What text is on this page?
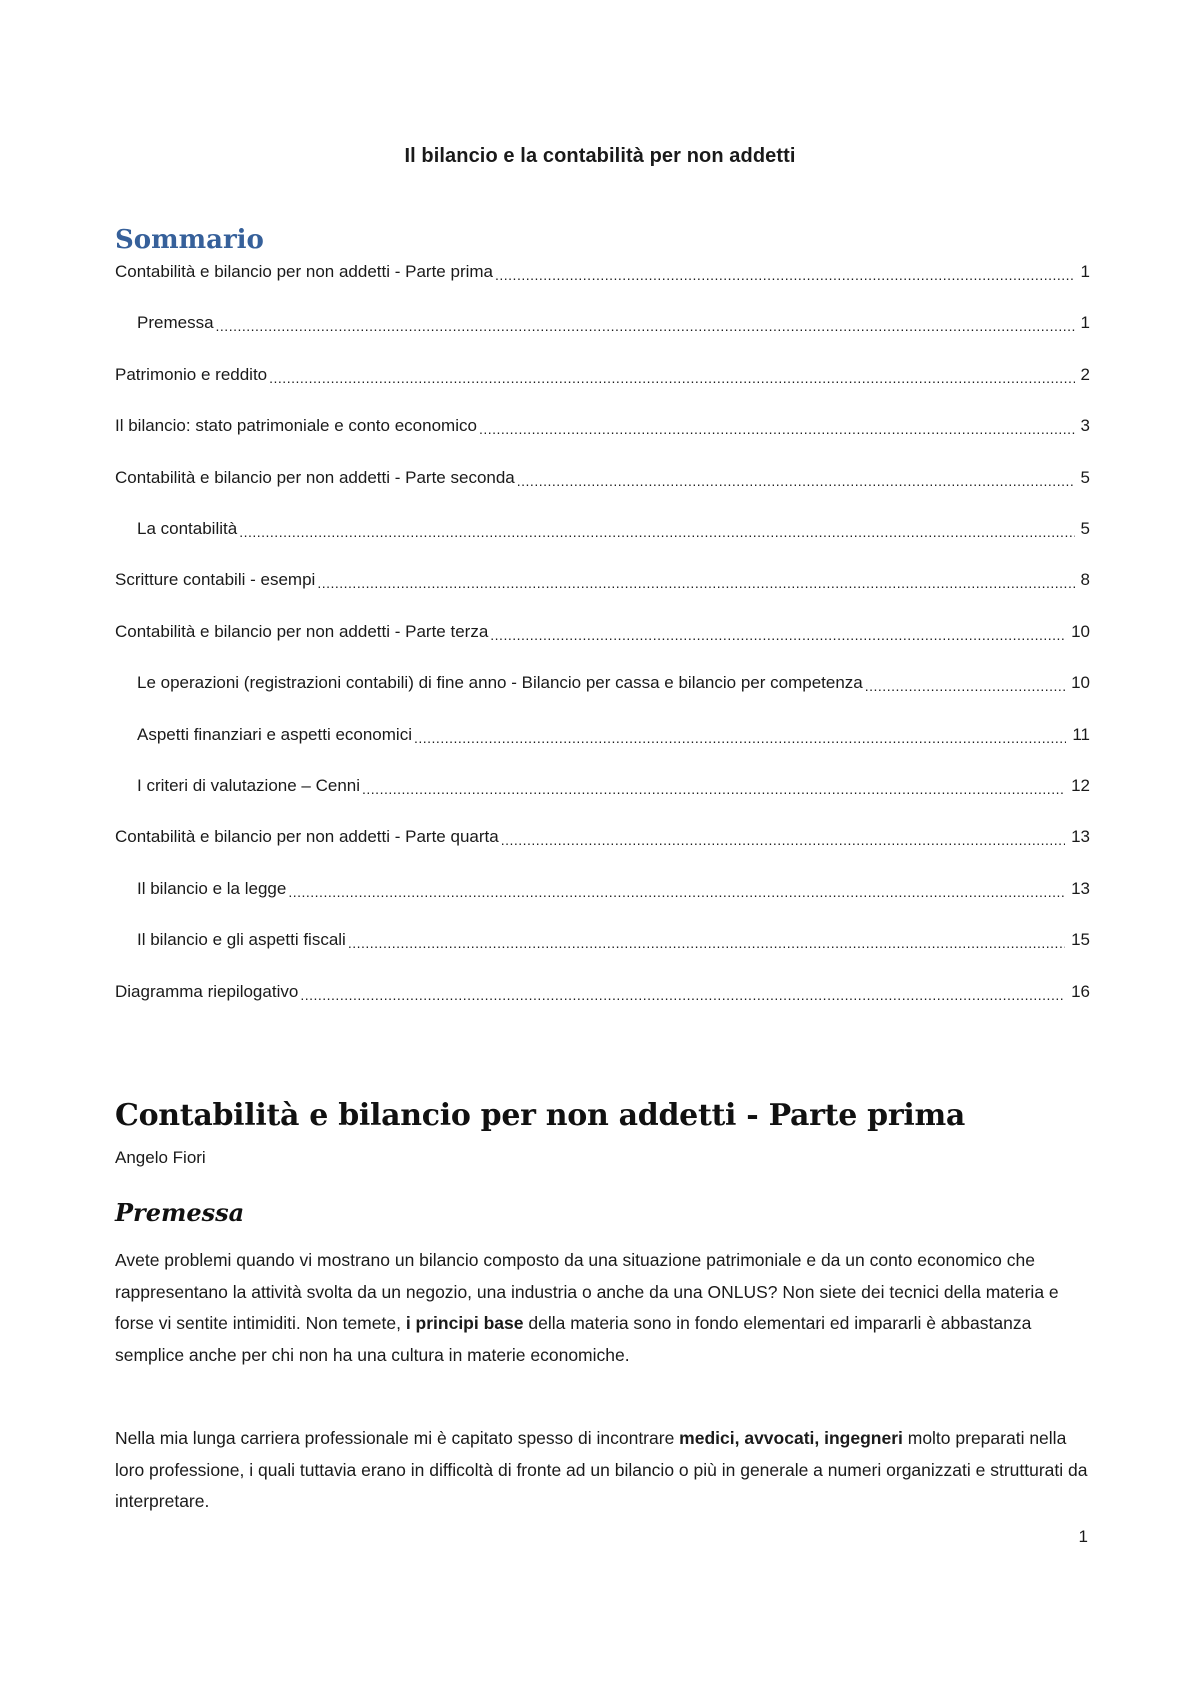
Il bilancio e la contabilità per non addetti
Sommario
Contabilità e bilancio per non addetti - Parte prima .....	1
Premessa .....	1
Patrimonio e reddito .....	2
Il bilancio: stato patrimoniale e conto economico .....	3
Contabilità e bilancio per non addetti - Parte seconda .....	5
La contabilità .....	5
Scritture contabili - esempi .....	8
Contabilità e bilancio per non addetti - Parte terza .....	10
Le operazioni (registrazioni contabili) di fine anno - Bilancio per cassa e bilancio per competenza .....	10
Aspetti finanziari e aspetti economici .....	11
I criteri di valutazione – Cenni .....	12
Contabilità e bilancio per non addetti - Parte quarta .....	13
Il bilancio e la legge .....	13
Il bilancio e gli aspetti fiscali .....	15
Diagramma riepilogativo .....	16
Contabilità e bilancio per non addetti - Parte prima
Angelo Fiori
Premessa

Avete problemi quando vi mostrano un bilancio composto da una situazione patrimoniale e da un conto economico che rappresentano la attività svolta da un negozio, una industria o anche da una ONLUS? Non siete dei tecnici della materia e forse vi sentite intimiditi. Non temete, i principi base della materia sono in fondo elementari ed impararli è abbastanza semplice anche per chi non ha una cultura in materie economiche.

Nella mia lunga carriera professionale mi è capitato spesso di incontrare medici, avvocati, ingegneri molto preparati nella loro professione, i quali tuttavia erano in difficoltà di fronte ad un bilancio o più in generale a numeri organizzati e strutturati da interpretare.

1
